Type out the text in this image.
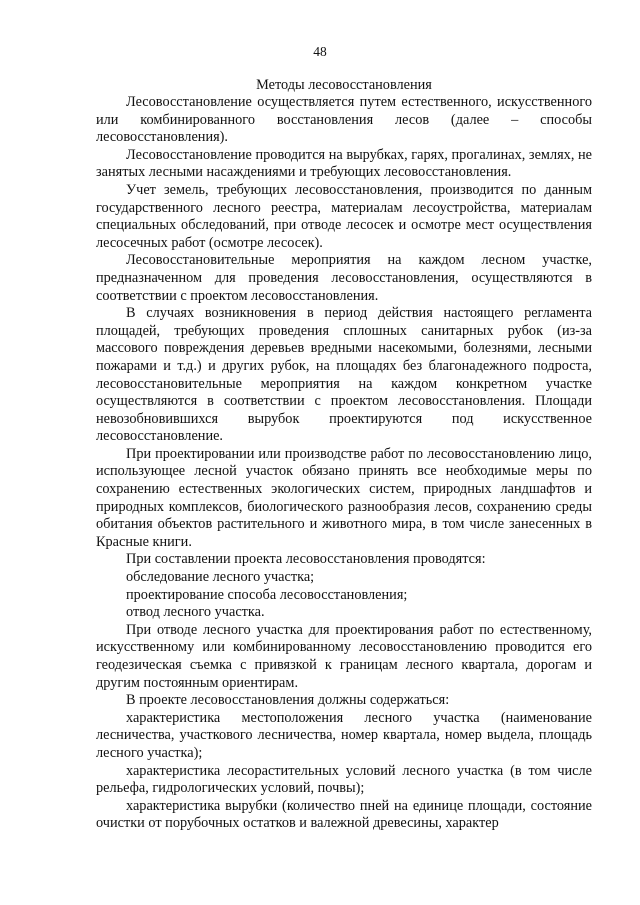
48
Методы лесовосстановления

Лесовосстановление осуществляется путем естественного, искусственного или комбинированного восстановления лесов (далее – способы лесовосстановления).

Лесовосстановление проводится на вырубках, гарях, прогалинах, землях, не занятых лесными насаждениями и требующих лесовосстановления.

Учет земель, требующих лесовосстановления, производится по данным государственного лесного реестра, материалам лесоустройства, материалам специальных обследований, при отводе лесосек и осмотре мест осуществления лесосечных работ (осмотре лесосек).

Лесовосстановительные мероприятия на каждом лесном участке, предназначенном для проведения лесовосстановления, осуществляются в соответствии с проектом лесовосстановления.

В случаях возникновения в период действия настоящего регламента площадей, требующих проведения сплошных санитарных рубок (из-за массового повреждения деревьев вредными насекомыми, болезнями, лесными пожарами и т.д.) и других рубок, на площадях без благонадежного подроста, лесовосстановительные мероприятия на каждом конкретном участке осуществляются в соответствии с проектом лесовосстановления. Площади невозобновившихся вырубок проектируются под искусственное лесовосстановление.

При проектировании или производстве работ по лесовосстановлению лицо, использующее лесной участок обязано принять все необходимые меры по сохранению естественных экологических систем, природных ландшафтов и природных комплексов, биологического разнообразия лесов, сохранению среды обитания объектов растительного и животного мира, в том числе занесенных в Красные книги.

При составлении проекта лесовосстановления проводятся:

обследование лесного участка;

проектирование способа лесовосстановления;

отвод лесного участка.

При отводе лесного участка для проектирования работ по естественному, искусственному или комбинированному лесовосстановлению проводится его геодезическая съемка с привязкой к границам лесного квартала, дорогам и другим постоянным ориентирам.

В проекте лесовосстановления должны содержаться:

характеристика местоположения лесного участка (наименование лесничества, участкового лесничества, номер квартала, номер выдела, площадь лесного участка);

характеристика лесорастительных условий лесного участка (в том числе рельефа, гидрологических условий, почвы);

характеристика вырубки (количество пней на единице площади, состояние очистки от порубочных остатков и валежной древесины, характер
